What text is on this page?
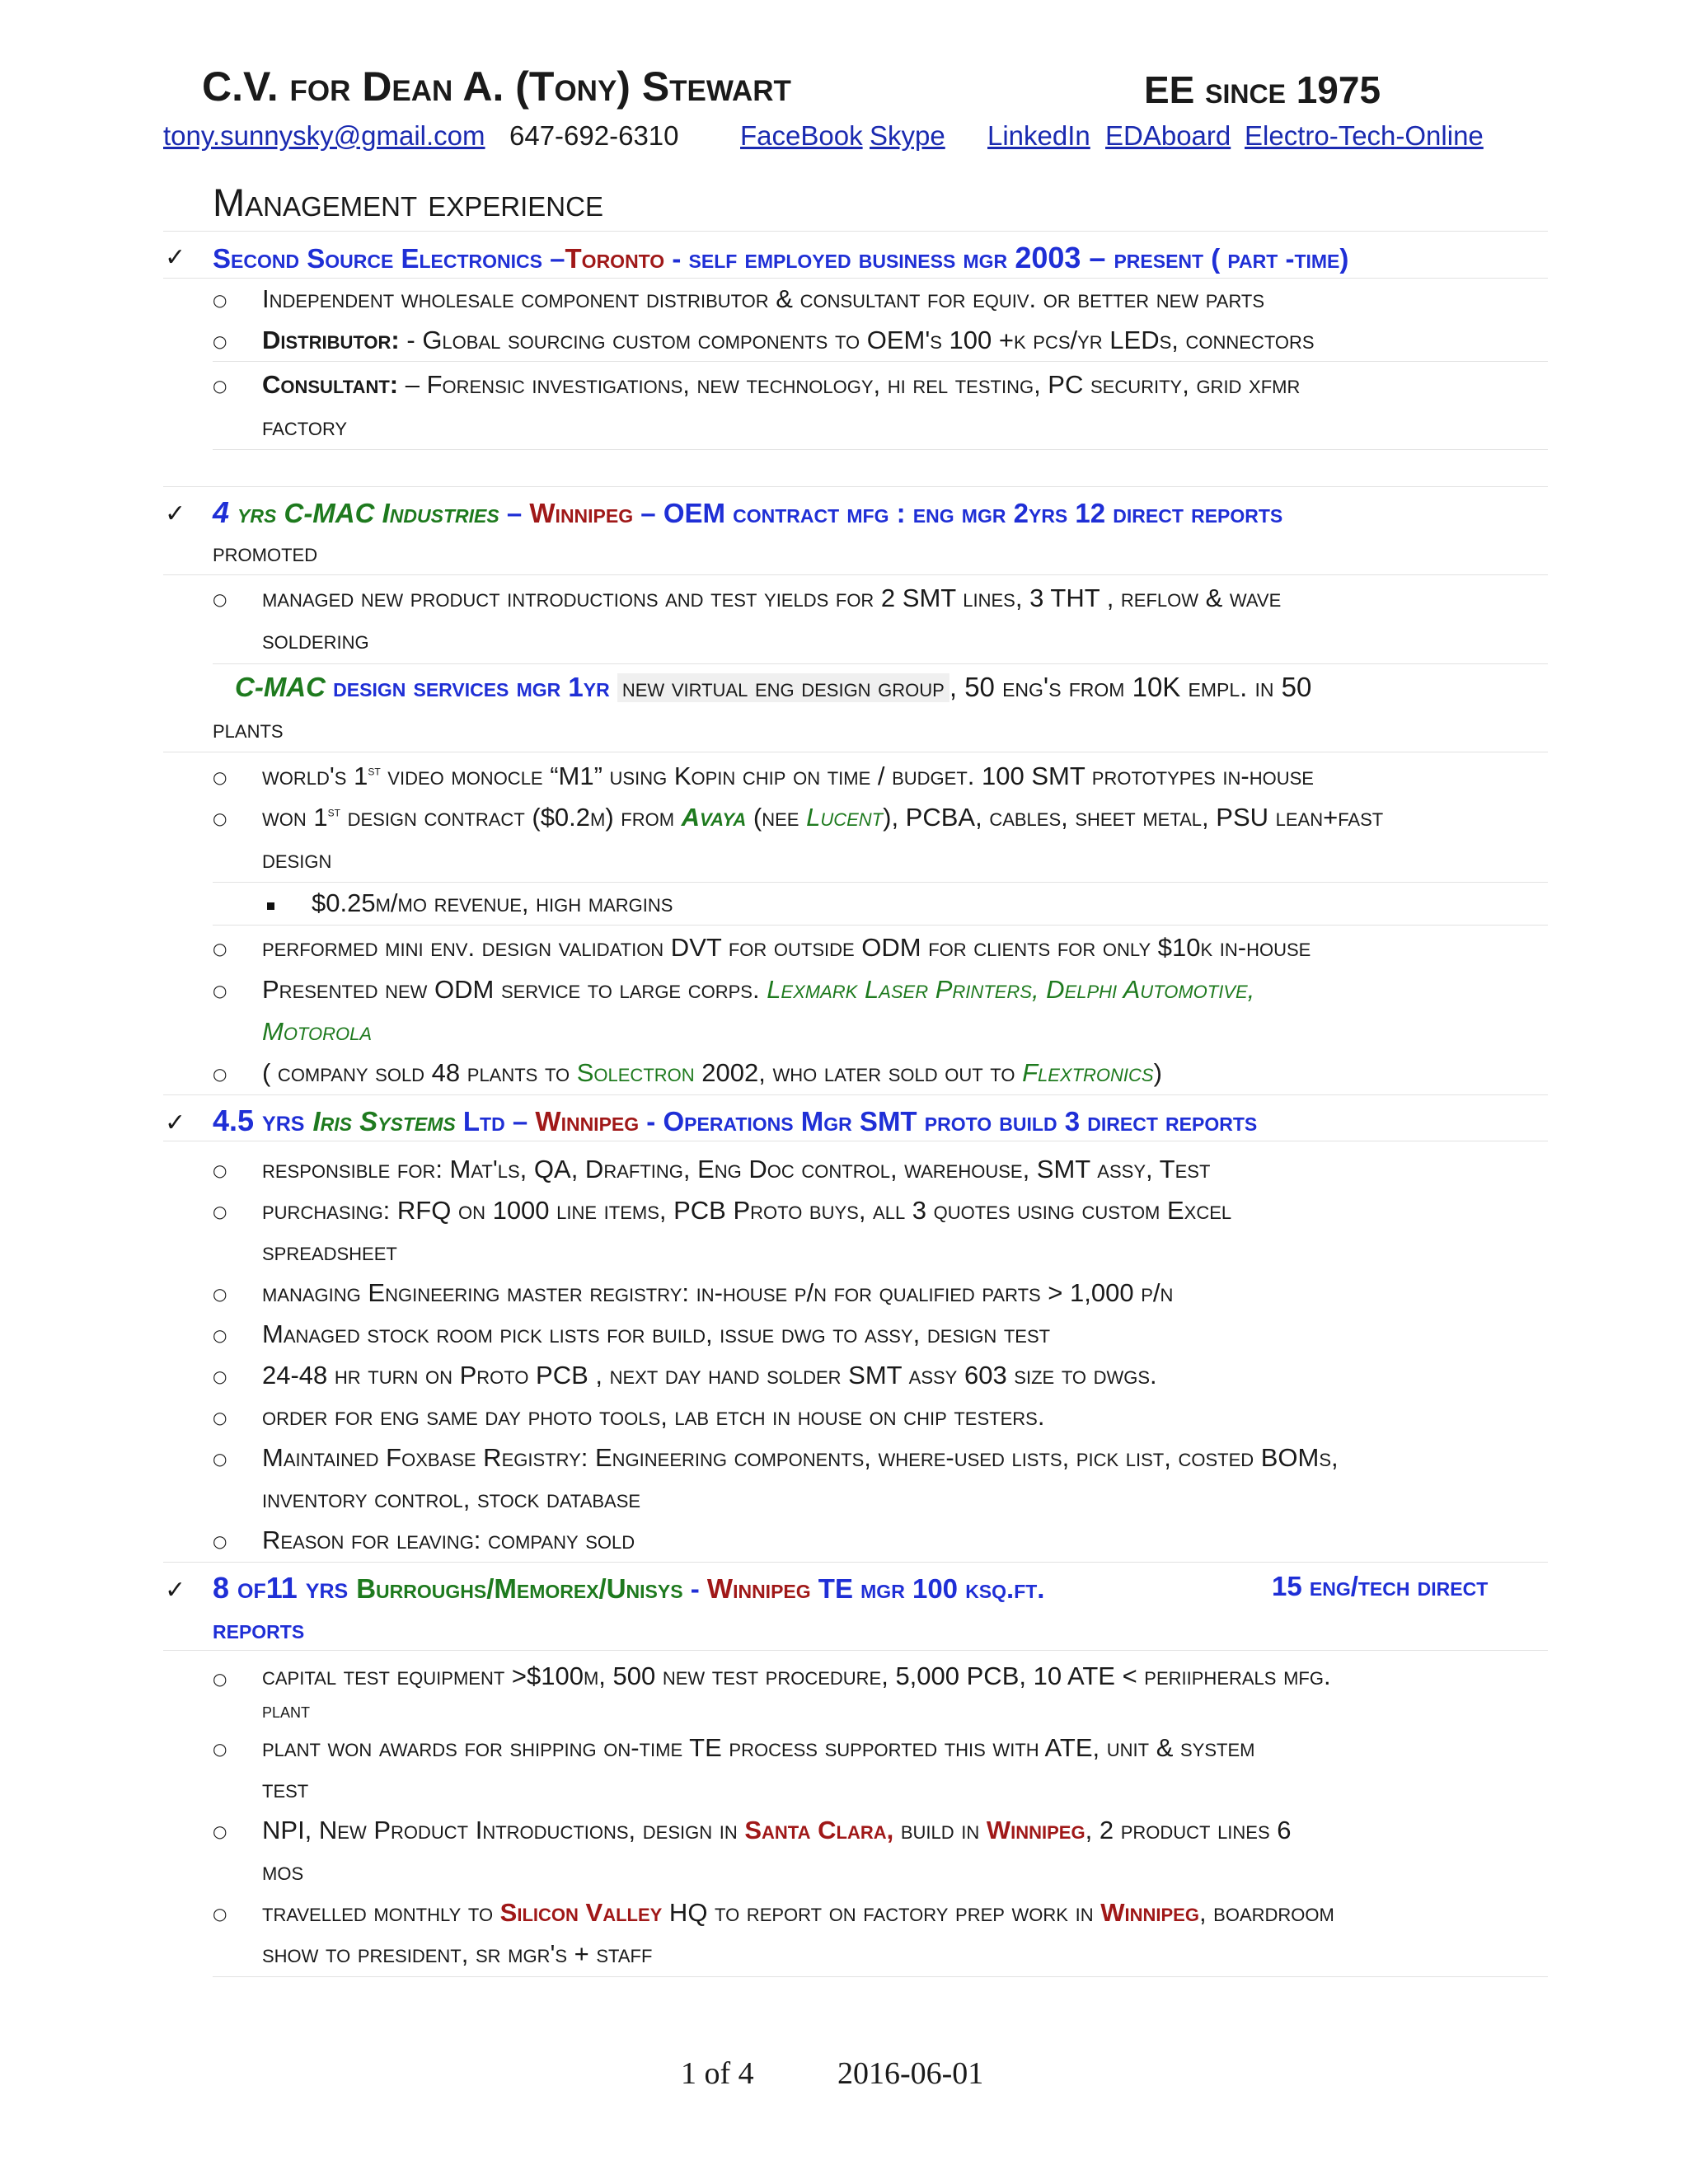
C.V. for Dean A. (Tony) Stewart	EE since 1975
tony.sunnysky@gmail.com 647-692-6310 FaceBook Skype LinkedIn EDAboard Electro-Tech-Online
Management experience
✓ Second Source Electronics –Toronto - self employed business mgr 2003 – present ( part -time)
○ Independent wholesale component distributor & consultant for equiv. or better new parts
○ Distributor: - Global sourcing custom components to OEM's 100 +k pcs/yr LEDs, connectors
○ Consultant: – Forensic investigations, new technology, hi rel testing, PC security, grid xfmr
factory
✓ 4 yrs C-MAC Industries – Winnipeg – OEM contract mfg : eng mgr 2yrs 12 direct reports
promoted
○ managed new product introductions and test yields for 2 SMT lines, 3 THT , reflow & wave
soldering
C-MAC design services mgr 1yr new virtual eng design group , 50 eng's from 10K empl. in 50
plants
○ world's 1st video monocle “M1” using Kopin chip on time / budget. 100 SMT prototypes in-house
○ won 1st design contract ($0.2m) from Avaya (nee Lucent), PCBA, cables, sheet metal, PSU lean+fast
design
$0.25m/mo revenue, high margins
○ performed mini env. design validation DVT for outside ODM for clients for only $10k in-house
○ Presented new ODM service to large corps. Lexmark Laser Printers, Delphi Automotive,
Motorola
○ ( company sold 48 plants to Solectron 2002, who later sold out to Flextronics)
✓ 4.5 yrs Iris Systems Ltd – Winnipeg - Operations Mgr SMT proto build 3 direct reports
○ responsible for: Mat'ls, QA, Drafting, Eng Doc control, warehouse, SMT assy, Test
○ purchasing: RFQ on 1000 line items, PCB Proto buys, all 3 quotes using custom Excel
spreadsheet
○ managing Engineering master registry: in-house p/n for qualified parts > 1,000 p/n
○ Managed stock room pick lists for build, issue dwg to assy, design test
○ 24-48 hr turn on Proto PCB , next day hand solder SMT assy 603 size to dwgs.
○ order for eng same day photo tools, lab etch in house on chip testers.
○ Maintained Foxbase Registry: Engineering components, where-used lists, pick list, costed BOMs,
inventory control, stock database
○ Reason for leaving: company sold
✓ 8 of11 yrs Burroughs/Memorex/Unisys - Winnipeg TE mgr 100 ksq.ft.	15 eng/tech direct
reports
○ capital test equipment >$100m, 500 new test procedure, 5,000 PCB, 10 ATE < periipherals mfg.
plant
○ plant won awards for shipping on-time TE process supported this with ATE, unit & system
test
○ NPI, New Product Introductions, design in Santa Clara, build in Winnipeg, 2 product lines 6
mos
○ travelled monthly to Silicon Valley HQ to report on factory prep work in Winnipeg, boardroom
show to president, sr mgr's + staff
1 of 4	2016-06-01
